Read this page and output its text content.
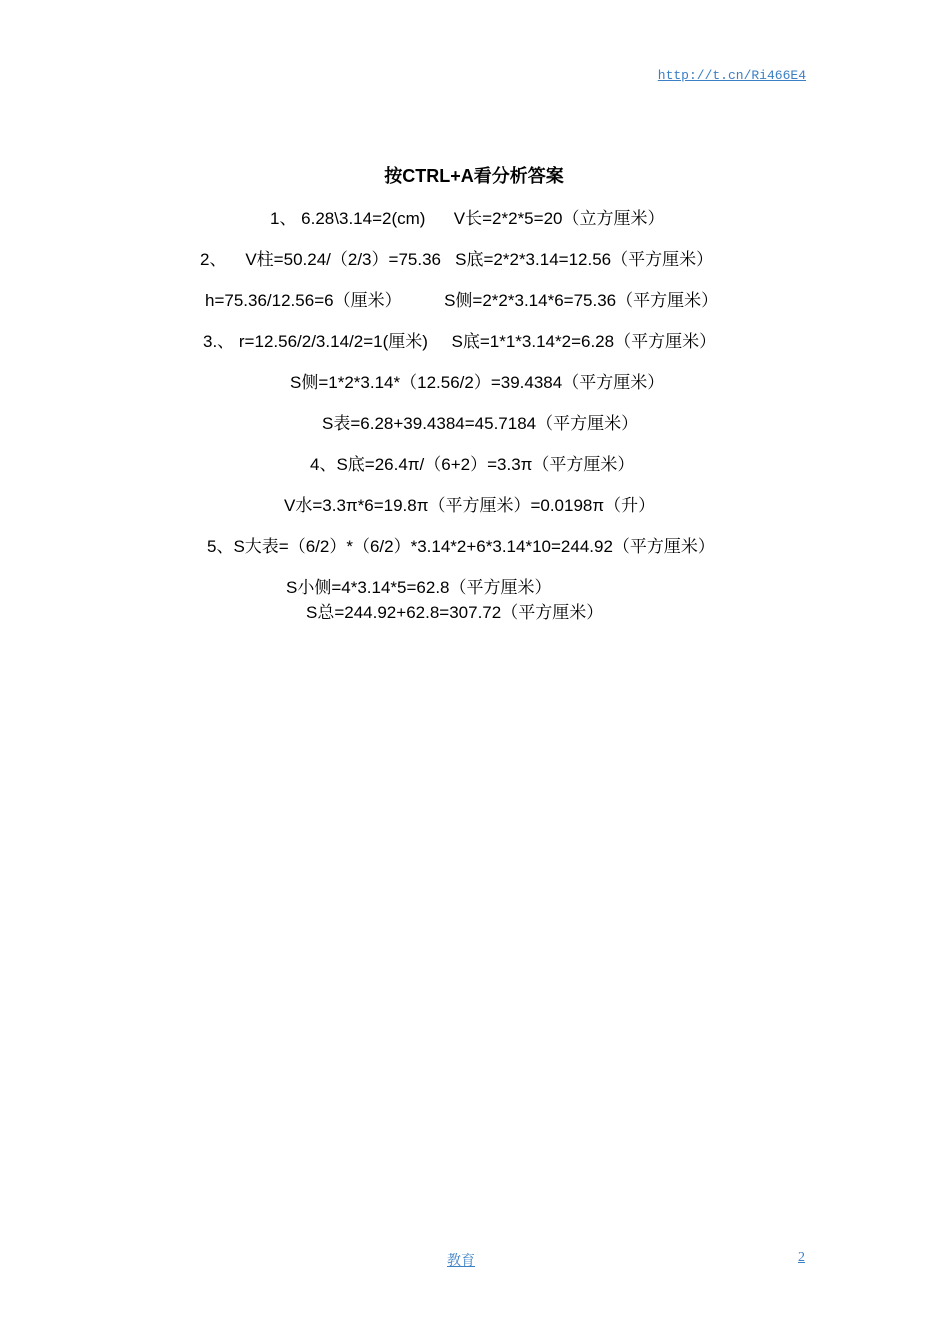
http://t.cn/Ri466E4
按CTRL+A看分析答案
1、 6.28\3.14=2(cm)      V长=2*2*5=20（立方厘米）
2、    V柱=50.24/（2/3）=75.36   S底=2*2*3.14=12.56（平方厘米）
h=75.36/12.56=6（厘米）         S侧=2*2*3.14*6=75.36（平方厘米）
3.、 r=12.56/2/3.14/2=1(厘米)     S底=1*1*3.14*2=6.28（平方厘米）
S侧=1*2*3.14*（12.56/2）=39.4384（平方厘米）
S表=6.28+39.4384=45.7184（平方厘米）
4、S底=26.4π/（6+2）=3.3π（平方厘米）
V水=3.3π*6=19.8π（平方厘米）=0.0198π（升）
5、S大表=（6/2）*（6/2）*3.14*2+6*3.14*10=244.92（平方厘米）
S小侧=4*3.14*5=62.8（平方厘米）
S总=244.92+62.8=307.72（平方厘米）
教育	2
